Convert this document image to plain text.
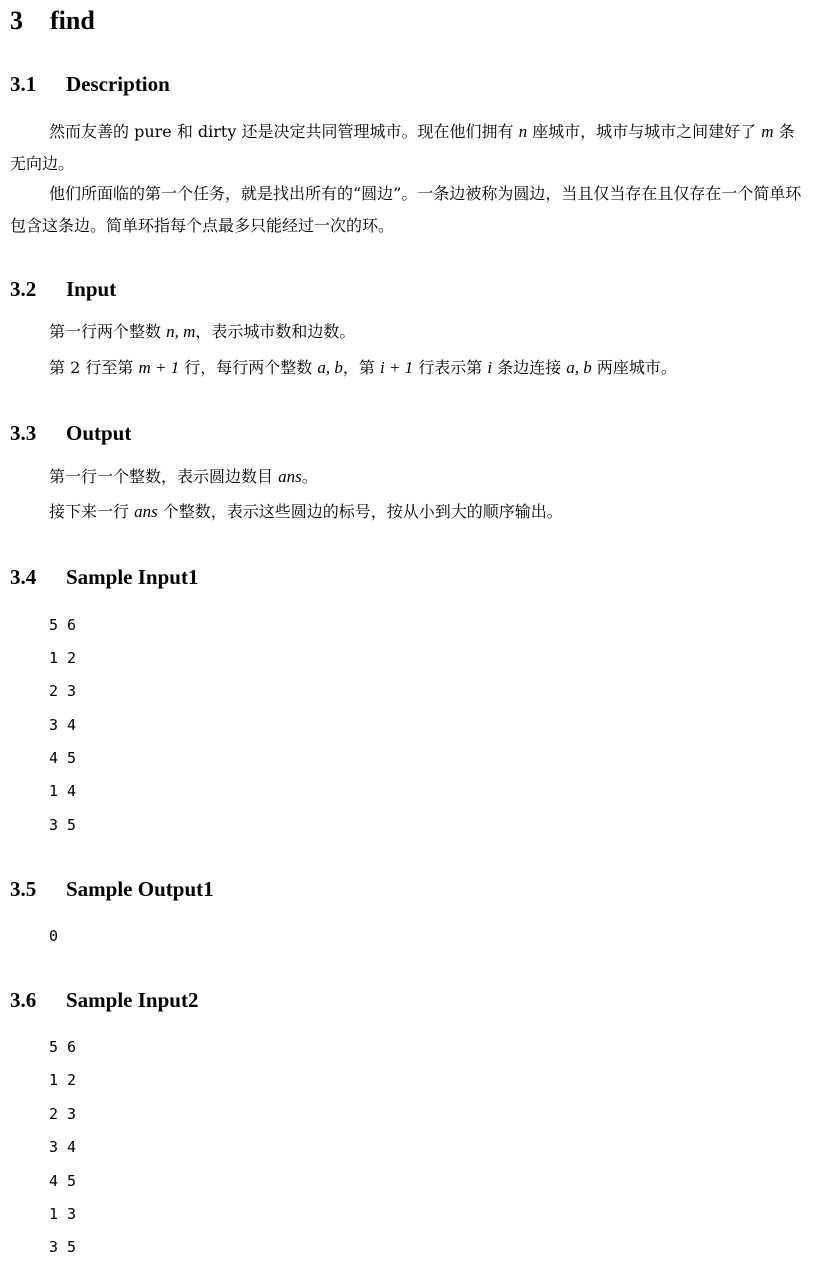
3 find
3.1 Description
然而友善的 pure 和 dirty 还是决定共同管理城市。现在他们拥有 n 座城市，城市与城市之间建好了 m 条无向边。
他们所面临的第一个任务，就是找出所有的“圆边”。一条边被称为圆边，当且仅当存在且仅存在一个简单环包含这条边。简单环指每个点最多只能经过一次的环。
3.2 Input
第一行两个整数 n, m，表示城市数和边数。
第 2 行至第 m + 1 行，每行两个整数 a, b，第 i + 1 行表示第 i 条边连接 a, b 两座城市。
3.3 Output
第一行一个整数，表示圆边数目 ans。
接下来一行 ans 个整数，表示这些圆边的标号，按从小到大的顺序输出。
3.4 Sample Input1
5 6
1 2
2 3
3 4
4 5
1 4
3 5
3.5 Sample Output1
0
3.6 Sample Input2
5 6
1 2
2 3
3 4
4 5
1 3
3 5
